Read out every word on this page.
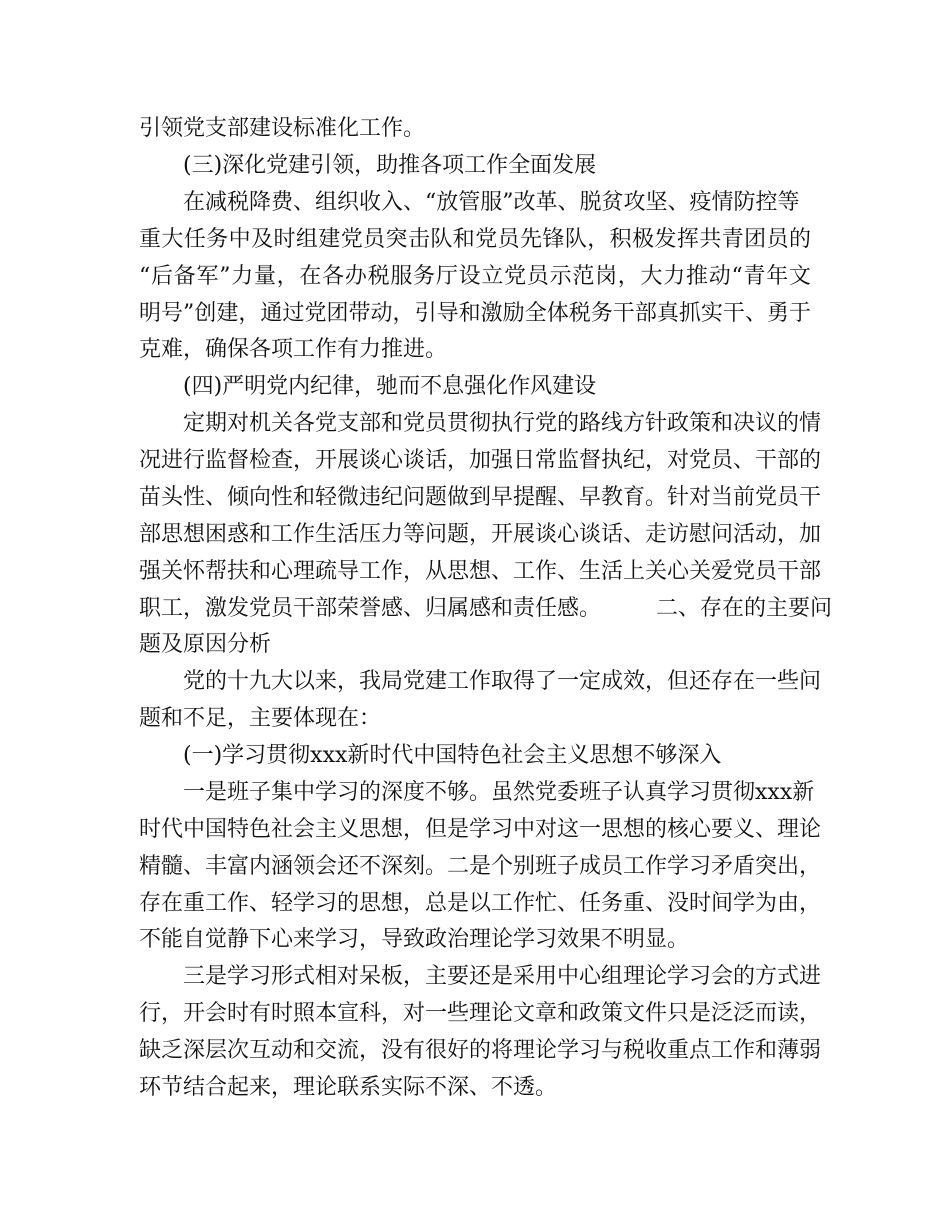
引领党支部建设标准化工作。
(三)深化党建引领，助推各项工作全面发展
在减税降费、组织收入、“放管服”改革、脱贫攻坚、疫情防控等
重大任务中及时组建党员突击队和党员先锋队，积极发挥共青团员的
“后备军”力量，在各办税服务厅设立党员示范岗，大力推动“青年文
明号”创建，通过党团带动，引导和激励全体税务干部真抓实干、勇于
克难，确保各项工作有力推进。
(四)严明党内纪律，驰而不息强化作风建设
定期对机关各党支部和党员贯彻执行党的路线方针政策和决议的情
况进行监督检查，开展谈心谈话，加强日常监督执纪，对党员、干部的
苗头性、倾向性和轻微违纪问题做到早提醒、早教育。针对当前党员干
部思想困惑和工作生活压力等问题，开展谈心谈话、走访慰问活动，加
强关怀帮扶和心理疏导工作，从思想、工作、生活上关心关爱党员干部
职工，激发党员干部荣誉感、归属感和责任感。　　　二、存在的主要问
题及原因分析
党的十九大以来，我局党建工作取得了一定成效，但还存在一些问
题和不足，主要体现在：
(一)学习贯彻xxx新时代中国特色社会主义思想不够深入
一是班子集中学习的深度不够。虽然党委班子认真学习贯彻xxx新
时代中国特色社会主义思想，但是学习中对这一思想的核心要义、理论
精髓、丰富内涵领会还不深刻。二是个别班子成员工作学习矛盾突出，
存在重工作、轻学习的思想，总是以工作忙、任务重、没时间学为由，
不能自觉静下心来学习，导致政治理论学习效果不明显。
三是学习形式相对呆板，主要还是采用中心组理论学习会的方式进
行，开会时有时照本宣科，对一些理论文章和政策文件只是泛泛而读，
缺乏深层次互动和交流，没有很好的将理论学习与税收重点工作和薄弱
环节结合起来，理论联系实际不深、不透。
